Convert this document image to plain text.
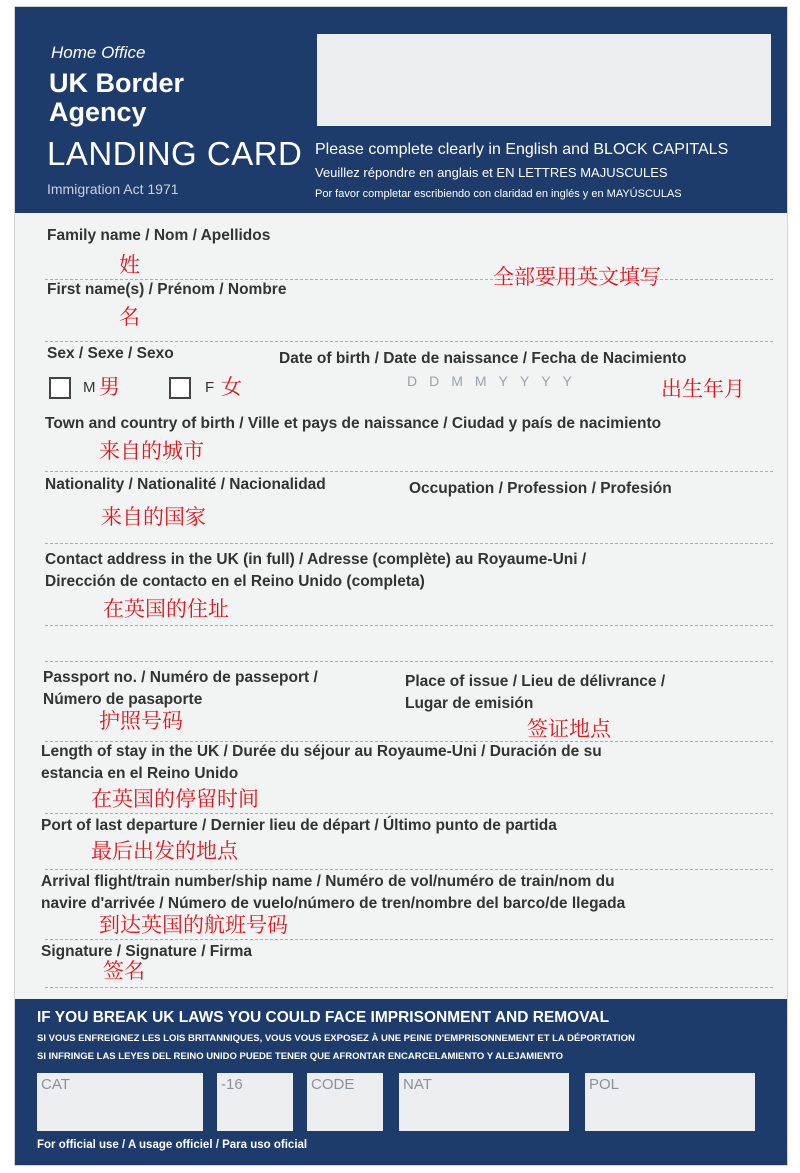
Home Office
UK Border Agency
LANDING CARD
Immigration Act 1971
Please complete clearly in English and BLOCK CAPITALS
Veuillez répondre en anglais et EN LETTRES MAJUSCULES
Por favor completar escribiendo con claridad en inglés y en MAYÚSCULAS
Family name / Nom / Apellidos
姓	全部要用英文填写
First name(s) / Prénom / Nombre
名
Sex / Sexe / Sexo	Date of birth / Date de naissance / Fecha de Nacimiento
M 男	F 女	DDMMYYYY	出生年月
Town and country of birth / Ville et pays de naissance / Ciudad y país de nacimiento
来自的城市
Nationality / Nationalité / Nacionalidad	Occupation / Profession / Profesión
来自的国家
Contact address in the UK (in full) / Adresse (complète) au Royaume-Uni /
Dirección de contacto en el Reino Unido (completa)
在英国的住址
Passport no. / Numéro de passeport /
Número de pasaporte
Place of issue / Lieu de délivrance /
Lugar de emisión
护照号码	签证地点
Length of stay in the UK / Durée du séjour au Royaume-Uni / Duración de su
estancia en el Reino Unido
在英国的停留时间
Port of last departure / Dernier lieu de départ / Último punto de partida
最后出发的地点
Arrival flight/train number/ship name / Numéro de vol/numéro de train/nom du
navire d'arrivée / Número de vuelo/número de tren/nombre del barco/de llegada
到达英国的航班号码
Signature / Signature / Firma
签名
IF YOU BREAK UK LAWS YOU COULD FACE IMPRISONMENT AND REMOVAL
SI VOUS ENFREIGNEZ LES LOIS BRITANNIQUES, VOUS VOUS EXPOSEZ À UNE PEINE D'EMPRISONNEMENT ET LA DÉPORTATION
SI INFRINGE LAS LEYES DEL REINO UNIDO PUEDE TENER QUE AFRONTAR ENCARCELAMIENTO Y ALEJAMIENTO
CAT	-16	CODE	NAT	POL
For official use / A usage officiel / Para uso oficial
